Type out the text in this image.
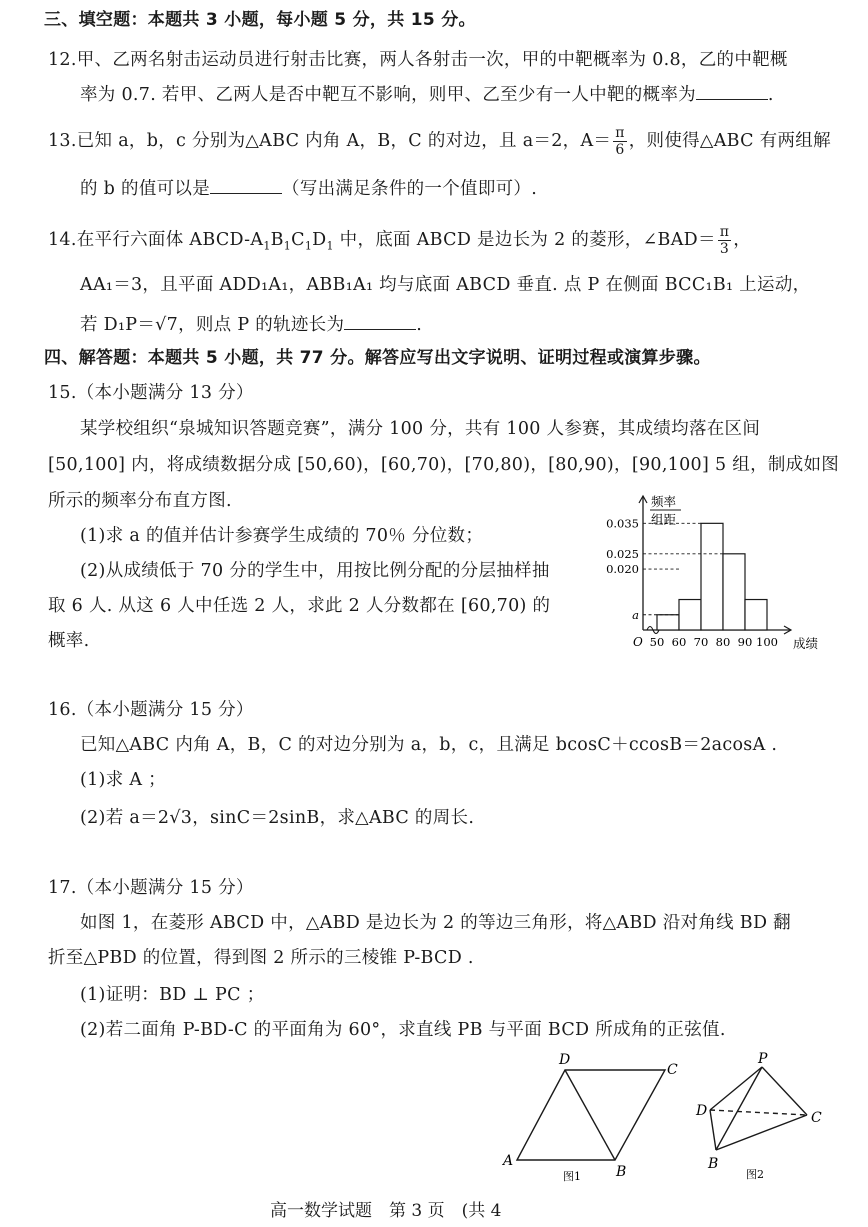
三、填空题：本题共 3 小题，每小题 5 分，共 15 分。
12.甲、乙两名射击运动员进行射击比赛，两人各射击一次，甲的中靶概率为 0.8，乙的中靶概
率为 0.7. 若甲、乙两人是否中靶互不影响，则甲、乙至少有一人中靶的概率为	.
13.已知 a，b，c 分别为△ABC 内角 A，B，C 的对边，且 a＝2，$A= \frac{\pi}{6}$ ，则使得△ABC 有两组解
的 b 的值可以是	（写出满足条件的一个值即可）.
14.在平行六面体 ABCD-$A_1B_1C_1D_1$ 中，底面 ABCD 是边长为 2 的菱形，∠BAD＝ $\frac{\pi}{3}$ ，
AA₁＝3，且平面 ADD₁A₁，ABB₁A₁ 均与底面 ABCD 垂直. 点 P 在侧面 BCC₁B₁ 上运动，
若 D₁P＝√7，则点 P 的轨迹长为	.
四、解答题：本题共 5 小题，共 77 分。解答应写出文字说明、证明过程或演算步骤。
15.（本小题满分 13 分）
某学校组织“泉城知识答题竞赛”，满分 100 分，共有 100 人参赛，其成绩均落在区间
[50,100] 内，将成绩数据分成 [50,60)，[60,70)，[70,80)，[80,90)，[90,100] 5 组，制成如图
所示的频率分布直方图.
(1)求 a 的值并估计参赛学生成绩的 70％ 分位数；
(2)从成绩低于 70 分的学生中，用按比例分配的分层抽样抽
取 6 人. 从这 6 人中任选 2 人，求此 2 人分数都在 [60,70) 的
概率.
a
0.020
0.025
0.035
50 60 70 80 90 100
O	成绩
频率
组距
16.（本小题满分 15 分）
已知△ABC 内角 A，B，C 的对边分别为 a，b，c，且满足 bcosC＋ccosB＝2acosA .
(1)求 A ；
(2)若 a＝2√3，sinC＝2sinB，求△ABC 的周长.
17.（本小题满分 15 分）
如图 1，在菱形 ABCD 中，△ABD 是边长为 2 的等边三角形，将△ABD 沿对角线 BD 翻
折至△PBD 的位置，得到图 2 所示的三棱锥 P-BCD .
(1)证明：BD ⊥ PC ；
(2)若二面角 P-BD-C 的平面角为 60°，求直线 PB 与平面 BCD 所成角的正弦值.
A
D
C
B
图1
P
D	C
B
图2
高一数学试题　第 3 页　(共 4
